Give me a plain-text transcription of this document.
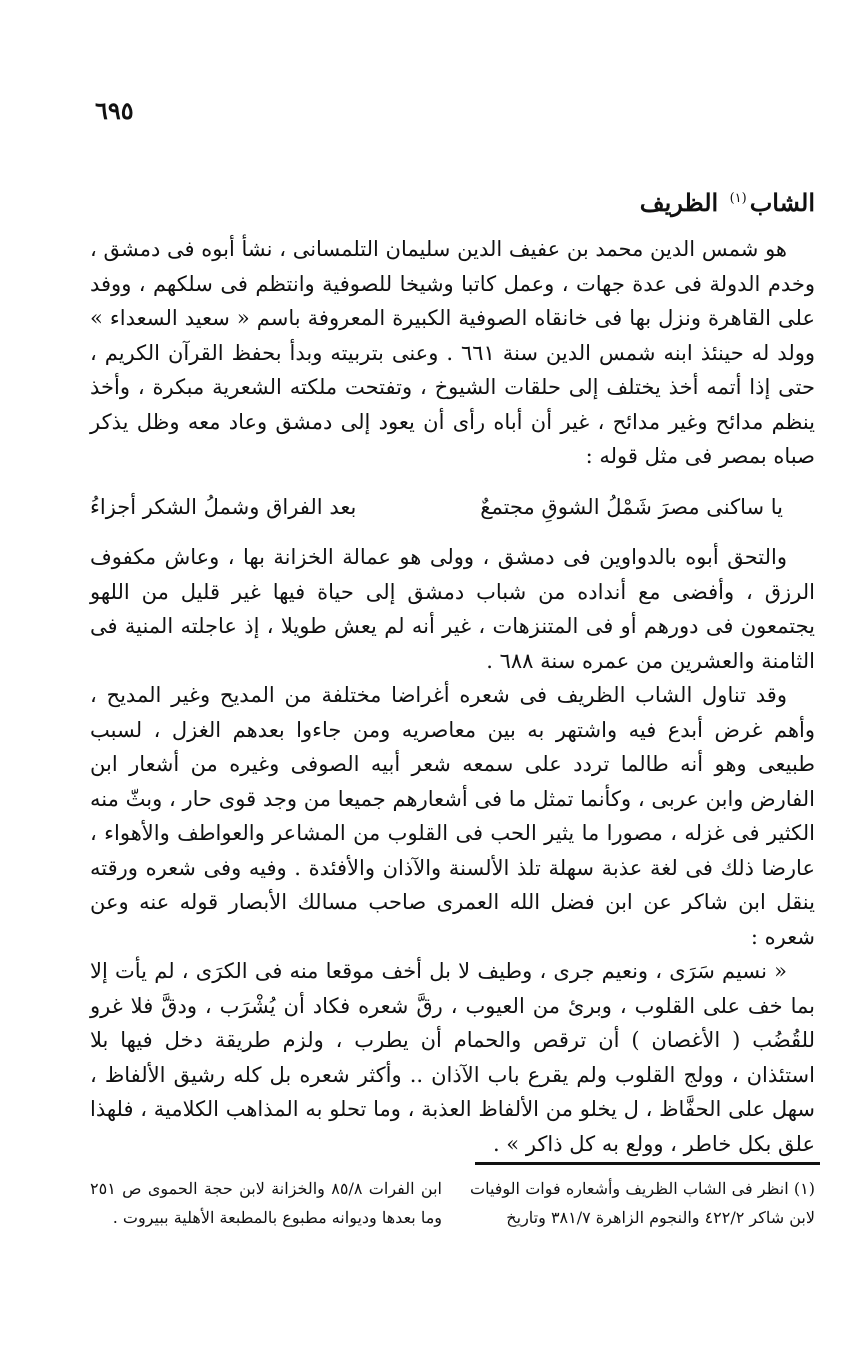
٦٩٥
الشاب$^{(١)}$ الظريف

هو شمس الدين محمد بن عفيف الدين سليمان التلمسانى ، نشأ أبوه فى دمشق ، وخدم الدولة فى عدة جهات ، وعمل كاتبا وشيخا للصوفية وانتظم فى سلكهم ، ووفد على القاهرة ونزل بها فى خانقاه الصوفية الكبيرة المعروفة باسم « سعيد السعداء » وولد له حينئذ ابنه شمس الدين سنة ٦٦١ . وعنى بتربيته وبدأ بحفظ القرآن الكريم ، حتى إذا أتمه أخذ يختلف إلى حلقات الشيوخ ، وتفتحت ملكته الشعرية مبكرة ، وأخذ ينظم مدائح وغير مدائح ، غير أن أباه رأى أن يعود إلى دمشق وعاد معه وظل يذكر صباه بمصر فى مثل قوله :

يا ساكنى مصرَ شَمْلُ الشوقِ مجتمعٌ
بعد الفراق وشملُ الشكر أجزاءُ

والتحق أبوه بالدواوين فى دمشق ، وولى هو عمالة الخزانة بها ، وعاش مكفوف الرزق ، وأفضى مع أنداده من شباب دمشق إلى حياة فيها غير قليل من اللهو يجتمعون فى دورهم أو فى المتنزهات ، غير أنه لم يعش طويلا ، إذ عاجلته المنية فى الثامنة والعشرين من عمره سنة ٦٨٨ .

وقد تناول الشاب الظريف فى شعره أغراضا مختلفة من المديح وغير المديح ، وأهم غرض أبدع فيه واشتهر به بين معاصريه ومن جاءوا بعدهم الغزل ، لسبب طبيعى وهو أنه طالما تردد على سمعه شعر أبيه الصوفى وغيره من أشعار ابن الفارض وابن عربى ، وكأنما تمثل ما فى أشعارهم جميعا من وجد قوى حار ، وبثّ منه الكثير فى غزله ، مصورا ما يثير الحب فى القلوب من المشاعر والعواطف والأهواء ، عارضا ذلك فى لغة عذبة سهلة تلذ الألسنة والآذان والأفئدة . وفيه وفى شعره ورقته ينقل ابن شاكر عن ابن فضل الله العمرى صاحب مسالك الأبصار قوله عنه وعن شعره :

« نسيم سَرَى ، ونعيم جرى ، وطيف لا بل أخف موقعا منه فى الكرَى ، لم يأت إلا بما خف على القلوب ، وبرئ من العيوب ، رقَّ شعره فكاد أن يُشْرَب ، ودقَّ فلا غرو للقُضُب ( الأغصان ) أن ترقص والحمام أن يطرب ، ولزم طريقة دخل فيها بلا استئذان ، وولج القلوب ولم يقرع باب الآذان .. وأكثر شعره بل كله رشيق الألفاظ ، سهل على الحفَّاظ ، ل يخلو من الألفاظ العذبة ، وما تحلو به المذاهب الكلامية ، فلهذا علق بكل خاطر ، وولع به كل ذاكر » .

(١) انظر فى الشاب الظريف وأشعاره فوات الوفيات لابن شاكر ٤٢٢/٢ والنجوم الزاهرة ٣٨١/٧ وتاريخ
ابن الفرات ٨٥/٨ والخزانة لابن حجة الحموى ص ٢٥١ وما بعدها وديوانه مطبوع بالمطبعة الأهلية ببيروت .
